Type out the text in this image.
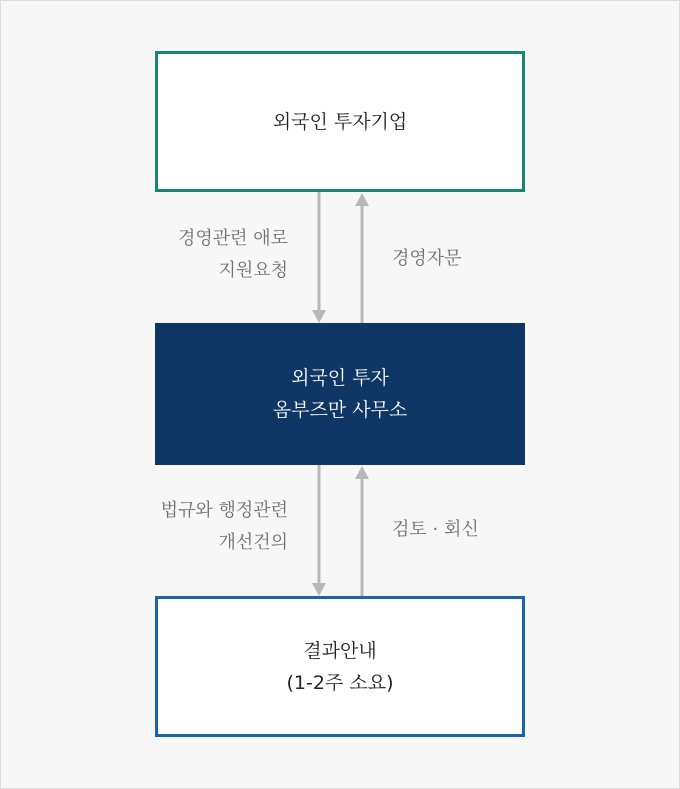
외국인 투자기업
경영관련 애로
지원요청
경영자문
외국인 투자
옴부즈만 사무소
법규와 행정관련
개선건의
검토 · 회신
결과안내
(1-2주 소요)
